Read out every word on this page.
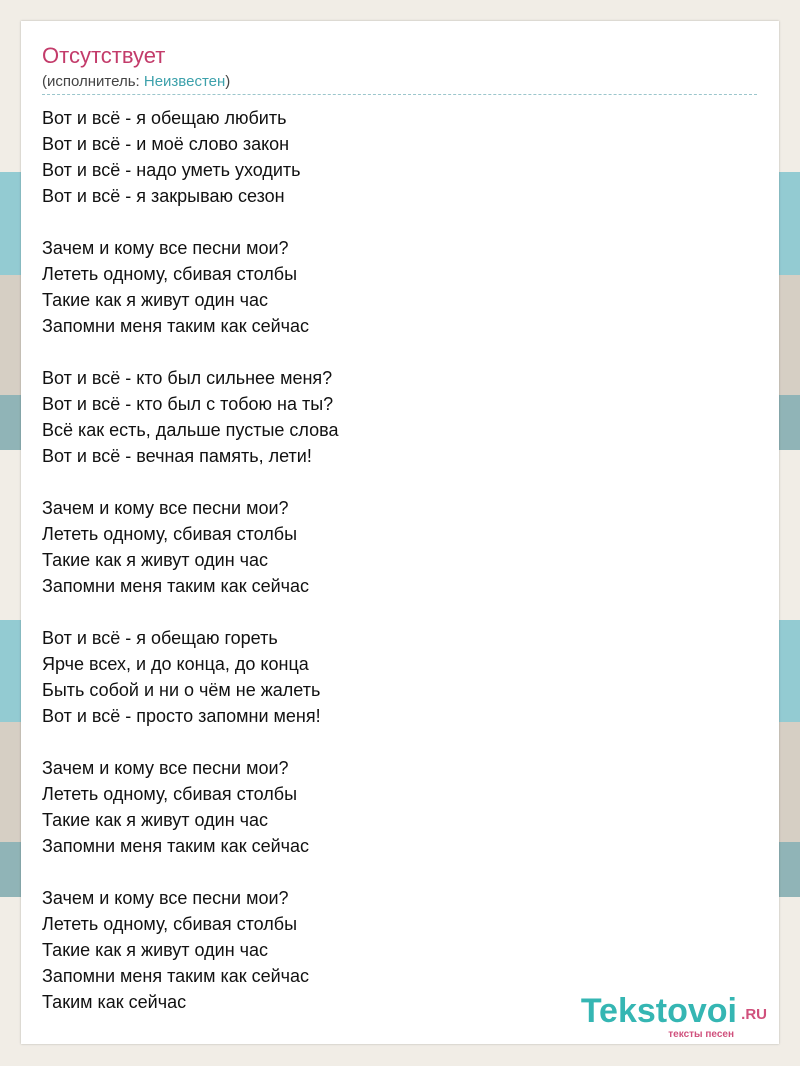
Отсутствует
(исполнитель: Неизвестен)
Вот и всё - я обещаю любить
Вот и всё - и моё слово закон
Вот и всё - надо уметь уходить
Вот и всё - я закрываю сезон
Зачем и кому все песни мои?
Лететь одному, сбивая столбы
Такие как я живут один час
Запомни меня таким как сейчас
Вот и всё - кто был сильнее меня?
Вот и всё - кто был с тобою на ты?
Всё как есть, дальше пустые слова
Вот и всё - вечная память, лети!
Зачем и кому все песни мои?
Лететь одному, сбивая столбы
Такие как я живут один час
Запомни меня таким как сейчас
Вот и всё - я обещаю гореть
Ярче всех, и до конца, до конца
Быть собой и ни о чём не жалеть
Вот и всё - просто запомни меня!
Зачем и кому все песни мои?
Лететь одному, сбивая столбы
Такие как я живут один час
Запомни меня таким как сейчас
Зачем и кому все песни мои?
Лететь одному, сбивая столбы
Такие как я живут один час
Запомни меня таким как сейчас
Таким как сейчас	Tekstovoi .RU
тексты песен
